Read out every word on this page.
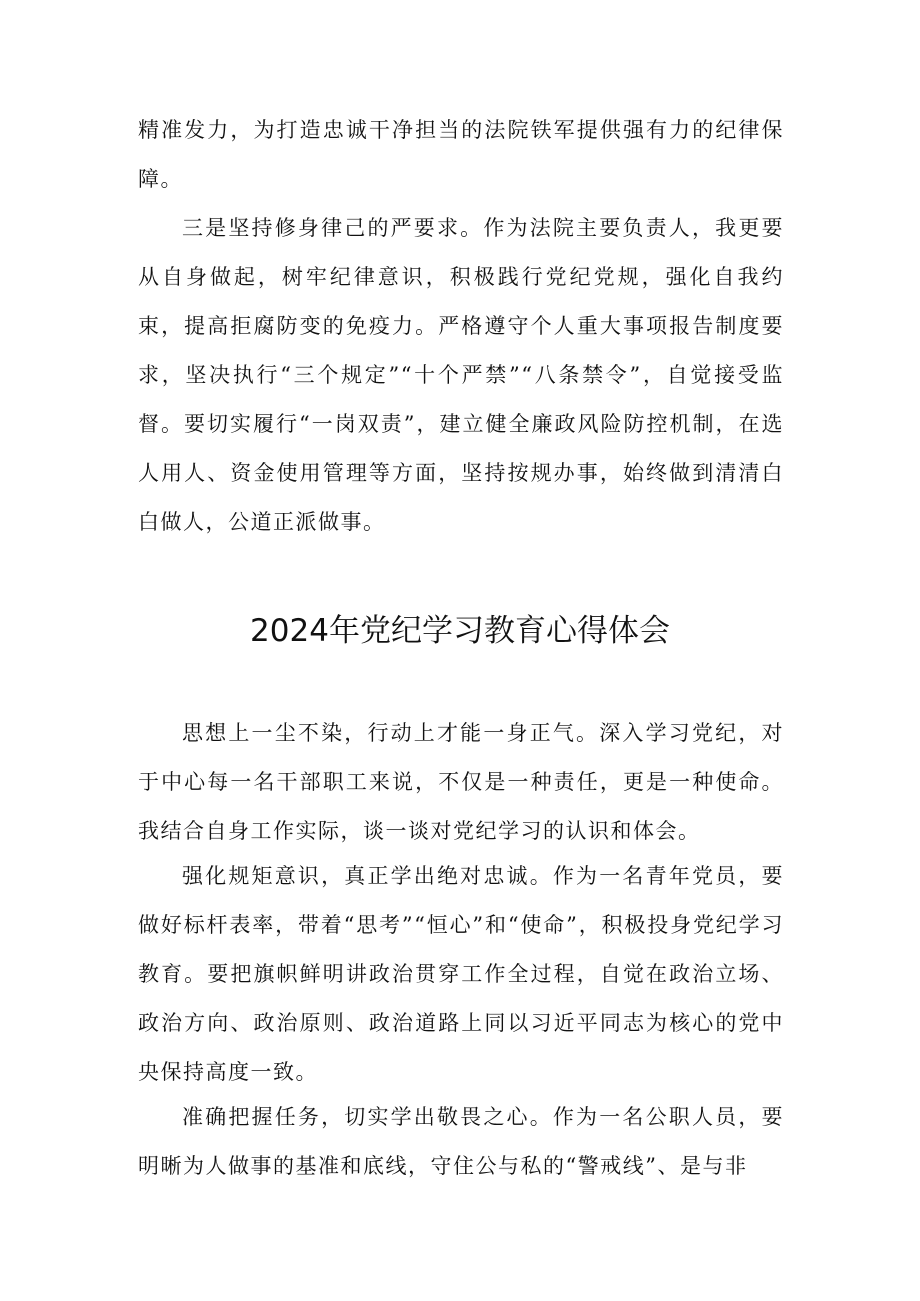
精准发力，为打造忠诚干净担当的法院铁军提供强有力的纪律保障。

三是坚持修身律己的严要求。作为法院主要负责人，我更要从自身做起，树牢纪律意识，积极践行党纪党规，强化自我约束，提高拒腐防变的免疫力。严格遵守个人重大事项报告制度要求，坚决执行“三个规定”“十个严禁”“八条禁令”，自觉接受监督。要切实履行“一岗双责”，建立健全廉政风险防控机制，在选人用人、资金使用管理等方面，坚持按规办事，始终做到清清白白做人，公道正派做事。

2024年党纪学习教育心得体会

思想上一尘不染，行动上才能一身正气。深入学习党纪，对于中心每一名干部职工来说，不仅是一种责任，更是一种使命。我结合自身工作实际，谈一谈对党纪学习的认识和体会。

强化规矩意识，真正学出绝对忠诚。作为一名青年党员，要做好标杆表率，带着“思考”“恒心”和“使命”，积极投身党纪学习教育。要把旗帜鲜明讲政治贯穿工作全过程，自觉在政治立场、政治方向、政治原则、政治道路上同以习近平同志为核心的党中央保持高度一致。

准确把握任务，切实学出敬畏之心。作为一名公职人员，要明晰为人做事的基准和底线，守住公与私的“警戒线”、是与非
